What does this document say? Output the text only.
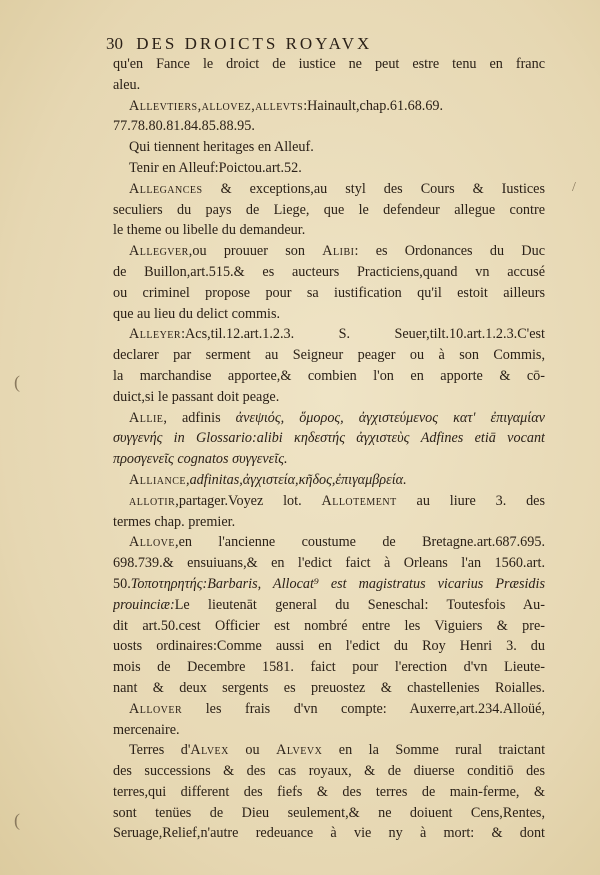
30 DES DROICTS ROYAVX
(
/
(
qu'en Fance le droict de iustice ne peut estre tenu en franc
aleu.
Allevtiers,allovez,allevts:Hainault,chap.61.68.69.
77.78.80.81.84.85.88.95.
Qui tiennent heritages en Alleuf.
Tenir en Alleuf:Poictou.art.52.
Allegances & exceptions,au styl des Cours & Iustices
seculiers du pays de Liege, que le defendeur allegue contre
le theme ou libelle du demandeur.
Allegver,ou prouuer son Alibi: es Ordonances du Duc
de Buillon,art.515.& es aucteurs Practiciens,quand vn accusé
ou criminel propose pour sa iustification qu'il estoit ailleurs
que au lieu du delict commis.
Alleyer:Acs,til.12.art.1.2.3. S. Seuer,tilt.10.art.1.2.3.C'est
declarer par serment au Seigneur peager ou à son Commis,
la marchandise apportee,& combien l'on en apporte & cō-
duict,si le passant doit peage.
Allie, adfinis ἀνεψιός, ὅμορος, ἀγχιστεύμενος κατ' ἐπιγαμίαν
συγγενής in Glossario:alibi κηδεστής ἀγχιστεὺς Adfines etiā vocant
προσγενεῖς cognatos συγγενεῖς.
Alliance,adfinitas,ἀγχιστεία,κῆδος,ἐπιγαμβρεία.
allotir,partager.Voyez lot. Allotement au liure 3. des
termes chap. premier.
Allove,en l'ancienne coustume de Bretagne.art.687.695.
698.739.& ensuiuans,& en l'edict faict à Orleans l'an 1560.art.
50.Τοποτηρητής:Barbaris, Allocat⁹ est magistratus vicarius Præsidis
prouinciæ:Le lieutenāt general du Seneschal: Toutesfois Au-
dit art.50.cest Officier est nombré entre les Viguiers & pre-
uosts ordinaires:Comme aussi en l'edict du Roy Henri 3. du
mois de Decembre 1581. faict pour l'erection d'vn Lieute-
nant & deux sergents es preuostez & chastellenies Roialles.
Allover les frais d'vn compte: Auxerre,art.234.Alloüé,
mercenaire.
Terres d'Alvex ou Alvevx en la Somme rural traictant
des successions & des cas royaux, & de diuerse conditiō des
terres,qui different des fiefs & des terres de main-ferme, &
sont tenües de Dieu seulement,& ne doiuent Cens,Rentes,
Seruage,Relief,n'autre redeuance à vie ny à mort: & dont
